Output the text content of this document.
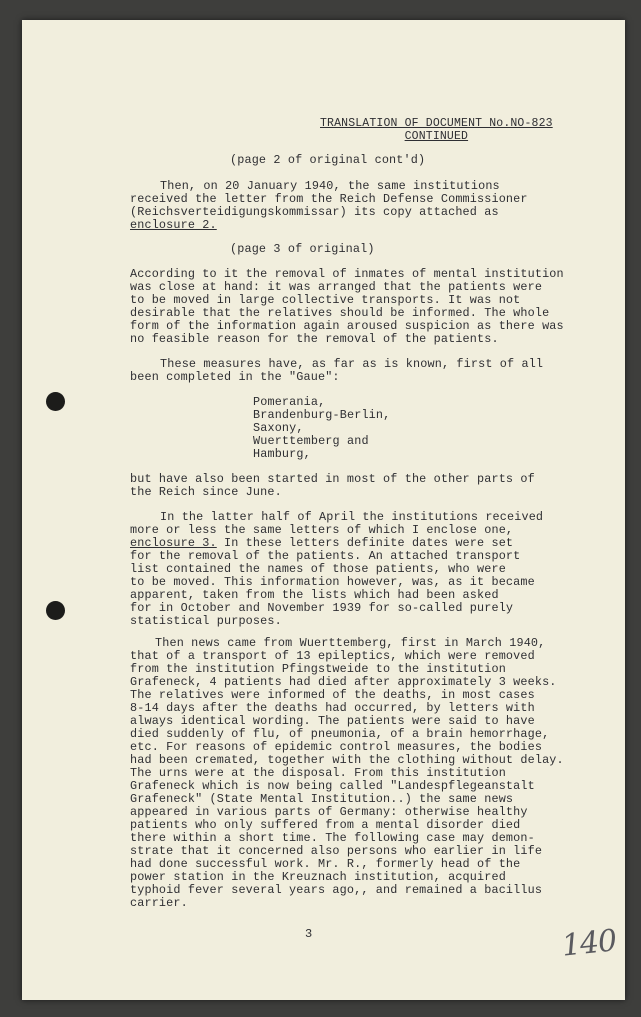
TRANSLATION OF DOCUMENT No.NO-823
CONTINUED
(page 2 of original cont'd)
Then, on 20 January 1940, the same institutions
received the letter from the Reich Defense Commissioner
(Reichsverteidigungskommissar) its copy attached as
enclosure 2.
(page 3 of original)
According to it the removal of inmates of mental institution
was close at hand: it was arranged that the patients were
to be moved in large collective transports. It was not
desirable that the relatives should be informed. The whole
form of the information again aroused suspicion as there was
no feasible reason for the removal of the patients.
These measures have, as far as is known, first of all
been completed in the "Gaue":
Pomerania,
Brandenburg-Berlin,
Saxony,
Wuerttemberg and
Hamburg,
but have also been started in most of the other parts of
the Reich since June.
In the latter half of April the institutions received
more or less the same letters of which I enclose one,
enclosure 3. In these letters definite dates were set
for the removal of the patients. An attached transport
list contained the names of those patients, who were
to be moved. This information however, was, as it became
apparent, taken from the lists which had been asked
for in October and November 1939 for so-called purely
statistical purposes.
Then news came from Wuerttemberg, first in March 1940,
that of a transport of 13 epileptics, which were removed
from the institution Pfingstweide to the institution
Grafeneck, 4 patients had died after approximately 3 weeks.
The relatives were informed of the deaths, in most cases
8-14 days after the deaths had occurred, by letters with
always identical wording. The patients were said to have
died suddenly of flu, of pneumonia, of a brain hemorrhage,
etc. For reasons of epidemic control measures, the bodies
had been cremated, together with the clothing without delay.
The urns were at the disposal. From this institution
Grafeneck which is now being called "Landespflegeanstalt
Grafeneck" (State Mental Institution..) the same news
appeared in various parts of Germany: otherwise healthy
patients who only suffered from a mental disorder died
there within a short time. The following case may demon-
strate that it concerned also persons who earlier in life
had done successful work. Mr. R., formerly head of the
power station in the Kreuznach institution, acquired
typhoid fever several years ago,, and remained a bacillus
carrier.
3	140
